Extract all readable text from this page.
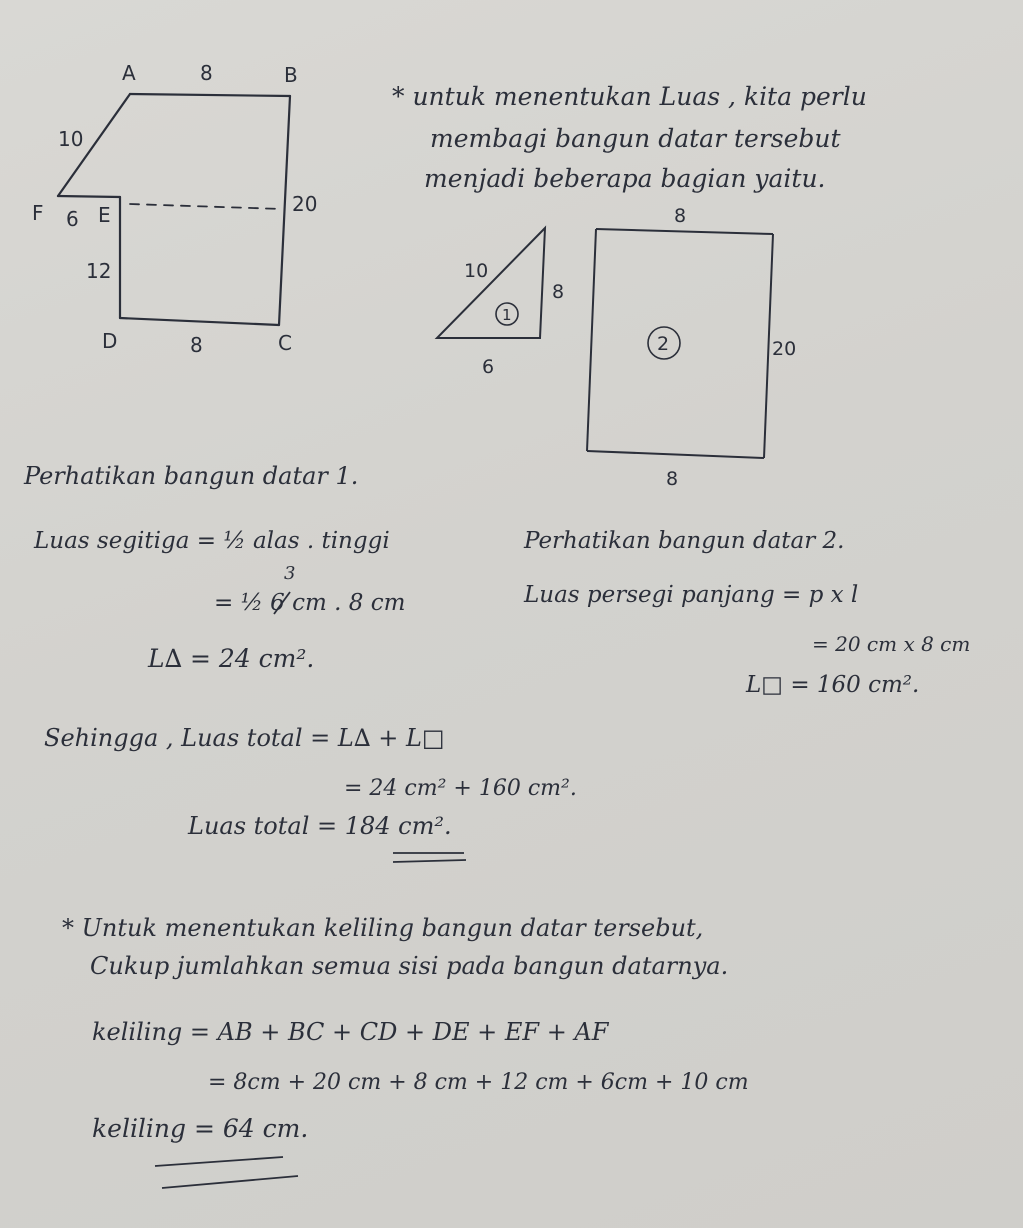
A	B
C
D
E
F
8
10
6
20
12
8
10
8
6
1
8
20
8
2
* untuk menentukan Luas , kita perlu
membagi bangun datar tersebut
menjadi beberapa bagian yaitu.
Perhatikan bangun datar 1.
Luas segitiga = ½ alas . tinggi
= ½ 6 cm . 8 cm
3
L∆ = 24 cm².
Perhatikan bangun datar 2.
Luas persegi panjang = p x l
= 20 cm x 8 cm
L□ = 160 cm².
Sehingga , Luas total = L∆ + L□
= 24 cm² + 160 cm².
Luas total = 184 cm².
* Untuk menentukan keliling bangun datar tersebut,
Cukup jumlahkan semua sisi pada bangun datarnya.
keliling = AB + BC + CD + DE + EF + AF
= 8cm + 20 cm + 8 cm + 12 cm + 6cm + 10 cm
keliling = 64 cm.
